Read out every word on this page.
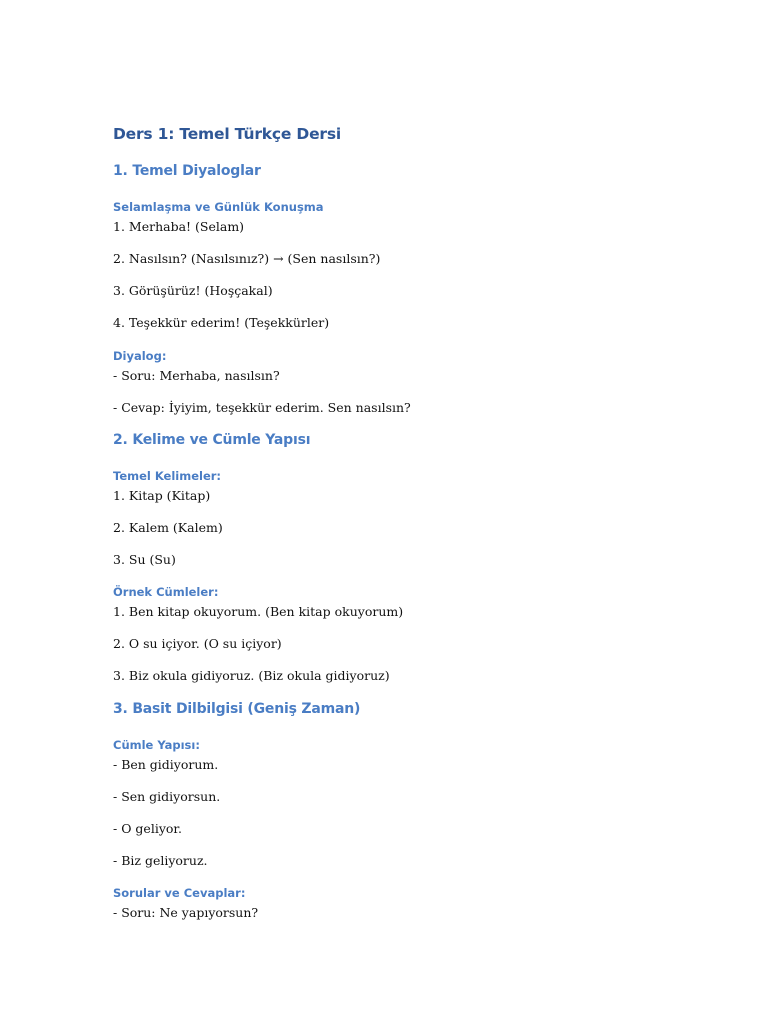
Ders 1: Temel Türkçe Dersi
1. Temel Diyaloglar
Selamlaşma ve Günlük Konuşma
1. Merhaba! (Selam)
2. Nasılsın? (Nasılsınız?) → (Sen nasılsın?)
3. Görüşürüz! (Hoşçakal)
4. Teşekkür ederim! (Teşekkürler)
Diyalog:
- Soru: Merhaba, nasılsın?
- Cevap: İyiyim, teşekkür ederim. Sen nasılsın?
2. Kelime ve Cümle Yapısı
Temel Kelimeler:
1. Kitap (Kitap)
2. Kalem (Kalem)
3. Su (Su)
Örnek Cümleler:
1. Ben kitap okuyorum. (Ben kitap okuyorum)
2. O su içiyor. (O su içiyor)
3. Biz okula gidiyoruz. (Biz okula gidiyoruz)
3. Basit Dilbilgisi (Geniş Zaman)
Cümle Yapısı:
- Ben gidiyorum.
- Sen gidiyorsun.
- O geliyor.
- Biz geliyoruz.
Sorular ve Cevaplar:
- Soru: Ne yapıyorsun?
